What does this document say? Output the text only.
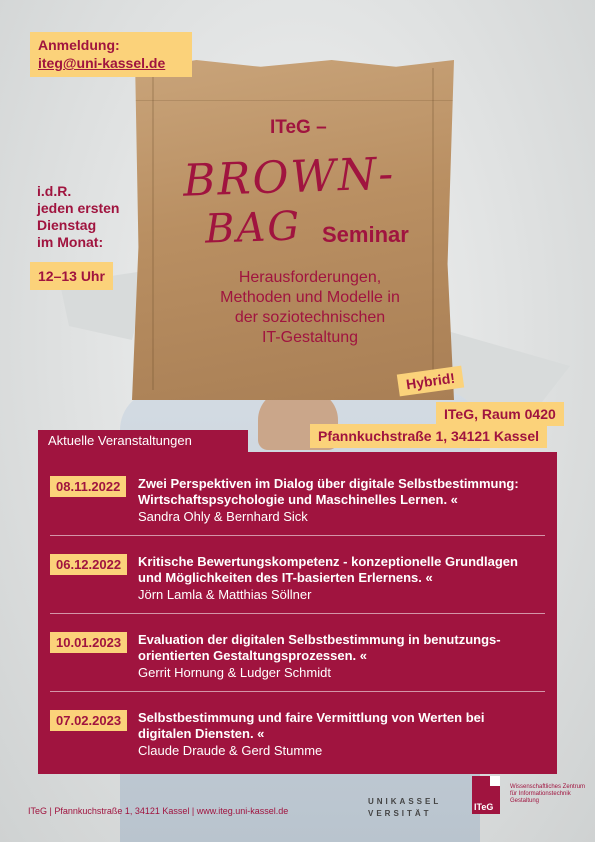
Anmeldung:
iteg@uni-kassel.de
i.d.R.
jeden ersten
Dienstag
im Monat:
12–13 Uhr
ITeG –
BROWN-
BAG Seminar
Herausforderungen,
Methoden und Modelle in
der soziotechnischen
IT-Gestaltung
Hybrid!
ITeG, Raum 0420
Pfannkuchstraße 1, 34121 Kassel
Aktuelle Veranstaltungen
08.11.2022	Zwei Perspektiven im Dialog über digitale Selbstbestimmung: Wirtschaftspsychologie und Maschinelles Lernen. «
Sandra Ohly & Bernhard Sick
06.12.2022	Kritische Bewertungskompetenz - konzeptionelle Grundlagen und Möglichkeiten des IT-basierten Erlernens. «
Jörn Lamla & Matthias Söllner
10.01.2023	Evaluation der digitalen Selbstbestimmung in benutzungs-orientierten Gestaltungsprozessen. «
Gerrit Hornung & Ludger Schmidt
07.02.2023	Selbstbestimmung und faire Vermittlung von Werten bei digitalen Diensten. «
Claude Draude & Gerd Stumme
ITeG | Pfannkuchstraße 1, 34121 Kassel | www.iteg.uni-kassel.de
UNIKASSEL
VERSITÄT
ITeG
Wissenschaftliches Zentrum für Informationstechnik Gestaltung
